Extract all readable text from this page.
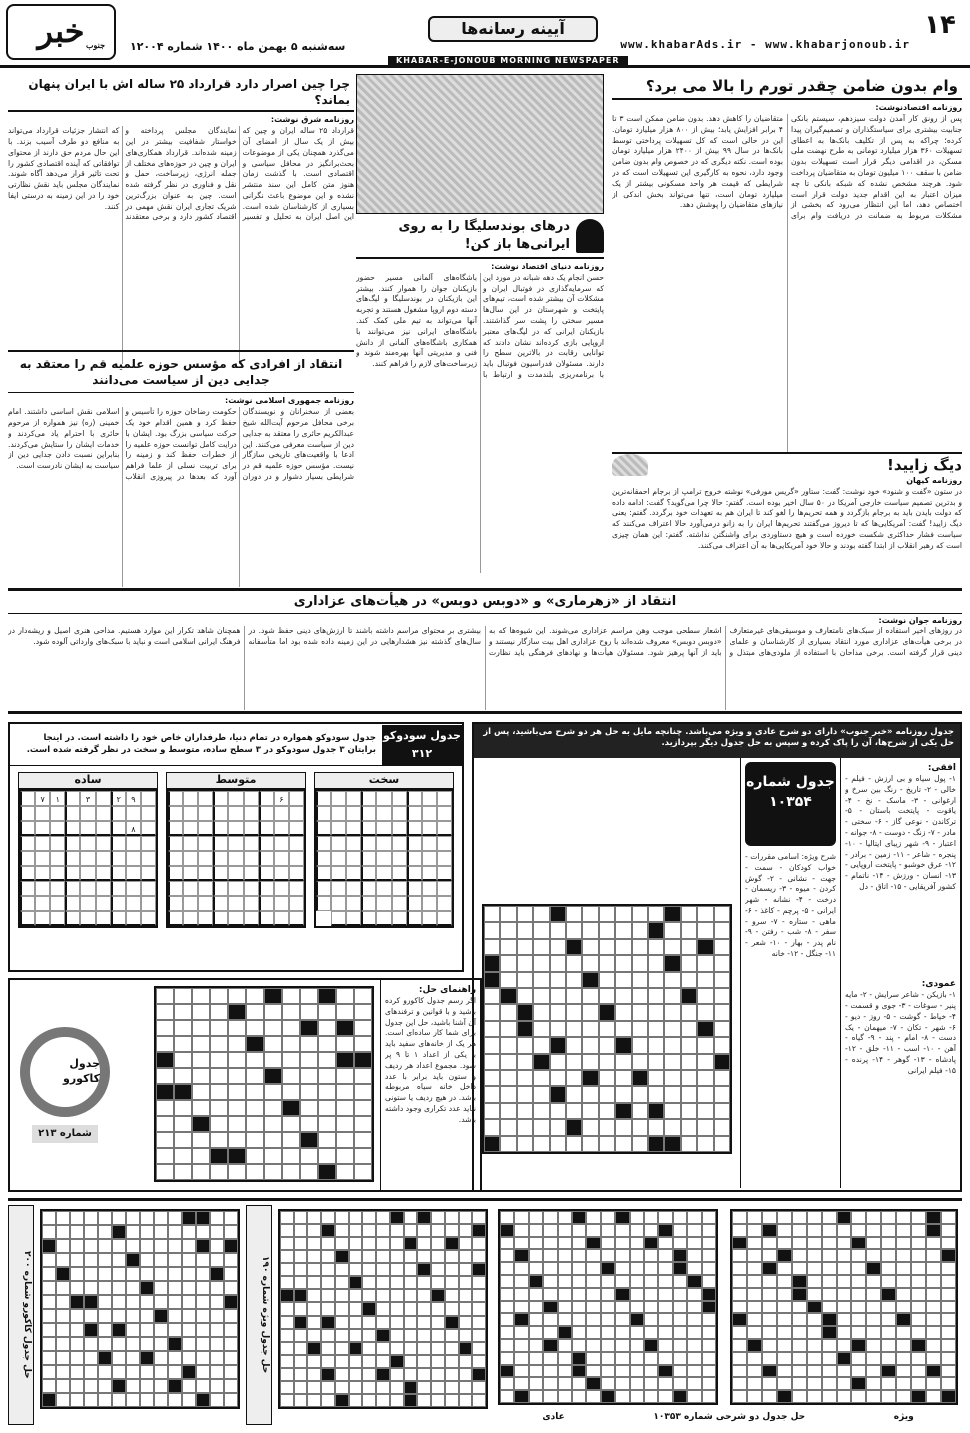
۱۴
www.khabarAds.ir - www.khabarjonoub.ir
آیینه رسانه‌ها
سه‌شنبه ۵ بهمن ماه ۱۴۰۰ شماره ۱۲۰۰۴
خبر جنوب
KHABAR-E-JONOUB MORNING NEWSPAPER
وام بدون ضامن چقدر تورم را بالا می برد؟
روزنامه اقتصادنوشت:
پس از رونق کار آمدن دولت سیزدهم، سیستم بانکی جنابیت بیشتری برای سیاستگذاران و تصمیم‌گیران پیدا کرده؛ چراکه به پس از تکلیف بانک‌ها به اعطای تسهیلات ۳۶۰ هزار میلیارد تومانی به طرح نهضت ملی مسکن، در اقدامی دیگر قرار است تسهیلات بدون ضامن با سقف ۱۰۰ میلیون تومان به متقاضیان پرداخت شود. هرچند مشخص نشده که شبکه بانکی تا چه میزان اعتبار به این اقدام جدید دولت قرار است اختصاص دهد، اما این انتظار می‌رود که بخشی از مشکلات مربوط به ضمانت در دریافت وام برای متقاضیان را کاهش دهد. بدون ضامن ممکن است ۳ تا ۴ برابر افزایش یابد؛ بیش از ۸۰۰ هزار میلیارد تومان. این در حالی است که کل تسهیلات پرداختی توسط بانک‌ها در سال ۹۹ بیش از ۲۴۰۰ هزار میلیارد تومان بوده است. نکته دیگری که در خصوص وام بدون ضامن وجود دارد، نحوه به کارگیری این تسهیلات است که در شرایطی که قیمت هر واحد مسکونی بیشتر از یک میلیارد تومان است، تنها می‌تواند بخش اندکی از نیازهای متقاضیان را پوشش دهد.
دیگ زایید!
روزنامه کیهان
در ستون «گفت و شنود» خود نوشت: گفت: ستاور «گریس مورفی» نوشته خروج ترامپ از برجام احمقانه‌ترین و بدترین تصمیم سیاست خارجی آمریکا در ۵۰ سال اخیر بوده است. گفتم: حالا چرا می‌گوید؟ گفت: ادامه داده که دولت بایدن باید به برجام بازگردد و همه تحریم‌ها را لغو کند تا ایران هم به تعهدات خود برگردد. گفتم: یعنی دیگ زایید! گفت: آمریکایی‌ها که تا دیروز می‌گفتند تحریم‌ها ایران را به زانو درمی‌آورد حالا اعتراف می‌کنند که سیاست فشار حداکثری شکست خورده است و هیچ دستاوردی برای واشنگتن نداشته. گفتم: این همان چیزی است که رهبر انقلاب از ابتدا گفته بودند و حالا خود آمریکایی‌ها به آن اعتراف می‌کنند.
درهای بوندسلیگا را به روی ایرانی‌ها باز کن!
روزنامه دنیای اقتصاد نوشت:
حسن انجام یک دهه شبانه در مورد این که سرمایه‌گذاری در فوتبال ایران و مشکلات آن بیشتر شده است، تیم‌های پایتخت و شهرستان در این سال‌ها مسیر سختی را پشت سر گذاشتند. بازیکنان ایرانی که در لیگ‌های معتبر اروپایی بازی کرده‌اند نشان دادند که توانایی رقابت در بالاترین سطح را دارند. مسئولان فدراسیون فوتبال باید با برنامه‌ریزی بلندمدت و ارتباط با باشگاه‌های آلمانی مسیر حضور بازیکنان جوان را هموار کنند. بیشتر این بازیکنان در بوندسلیگا و لیگ‌های دسته دوم اروپا مشغول هستند و تجربه آنها می‌تواند به تیم ملی کمک کند. باشگاه‌های ایرانی نیز می‌توانند با همکاری باشگاه‌های آلمانی از دانش فنی و مدیریتی آنها بهره‌مند شوند و زیرساخت‌های لازم را فراهم کنند.
چرا چین اصرار دارد قرارداد ۲۵ ساله اش با ایران پنهان بماند؟
روزنامه شرق نوشت:
قرارداد ۲۵ ساله ایران و چین که بیش از یک سال از امضای آن می‌گذرد همچنان یکی از موضوعات بحث‌برانگیز در محافل سیاسی و اقتصادی است. با گذشت زمان هنوز متن کامل این سند منتشر نشده و این موضوع باعث نگرانی بسیاری از کارشناسان شده است. این اصل ایران به تحلیل و تفسیر نمایندگان مجلس پرداخته و خواستار شفافیت بیشتر در این زمینه شده‌اند. قرارداد همکاری‌های ایران و چین در حوزه‌های مختلف از جمله انرژی، زیرساخت، حمل و نقل و فناوری در نظر گرفته شده است. چین به عنوان بزرگ‌ترین شریک تجاری ایران نقش مهمی در اقتصاد کشور دارد و برخی معتقدند که انتشار جزئیات قرارداد می‌تواند به منافع دو طرف آسیب بزند. با این حال مردم حق دارند از محتوای توافقاتی که آینده اقتصادی کشور را تحت تاثیر قرار می‌دهد آگاه شوند. نمایندگان مجلس باید نقش نظارتی خود را در این زمینه به درستی ایفا کنند.
انتقاد از افرادی که مؤسس حوزه علمیه قم را معتقد به جدایی دین از سیاست می‌دانند
روزنامه جمهوری اسلامی نوشت:
بعضی از سخنرانان و نویسندگان برخی محافل مرحوم آیت‌الله شیخ عبدالکریم حائری را معتقد به جدایی دین از سیاست معرفی می‌کنند. این ادعا با واقعیت‌های تاریخی سازگار نیست. مؤسس حوزه علمیه قم در شرایطی بسیار دشوار و در دوران حکومت رضاخان حوزه را تأسیس و حفظ کرد و همین اقدام خود یک حرکت سیاسی بزرگ بود. ایشان با درایت کامل توانست حوزه علمیه را از خطرات حفظ کند و زمینه را برای تربیت نسلی از علما فراهم آورد که بعدها در پیروزی انقلاب اسلامی نقش اساسی داشتند. امام خمینی (ره) نیز همواره از مرحوم حائری با احترام یاد می‌کردند و خدمات ایشان را ستایش می‌کردند. بنابراین نسبت دادن جدایی دین از سیاست به ایشان نادرست است.
انتقاد از «زهرماری» و «دوبس دوبس» در هیأت‌های عزاداری
روزنامه جوان نوشت:
در روزهای اخیر استفاده از سبک‌های نامتعارف و موسیقی‌های غیرمتعارف در برخی هیأت‌های عزاداری مورد انتقاد بسیاری از کارشناسان و علمای دینی قرار گرفته است. برخی مداحان با استفاده از ملودی‌های مبتذل و اشعار سطحی موجب وهن مراسم عزاداری می‌شوند. این شیوه‌ها که به «دوبس دوبس» معروف شده‌اند با روح عزاداری اهل بیت سازگار نیستند و باید از آنها پرهیز شود. مسئولان هیأت‌ها و نهادهای فرهنگی باید نظارت بیشتری بر محتوای مراسم داشته باشند تا ارزش‌های دینی حفظ شود. در سال‌های گذشته نیز هشدارهایی در این زمینه داده شده بود اما متأسفانه همچنان شاهد تکرار این موارد هستیم. مداحی هنری اصیل و ریشه‌دار در فرهنگ ایرانی اسلامی است و نباید با سبک‌های وارداتی آلوده شود.
جدول روزنامه «خبر جنوب» دارای دو شرح عادی و ویژه می‌باشد. چنانچه مایل به حل هر دو شرح می‌باشید، پس از حل یکی از شرح‌ها، آن را پاک کرده و سپس به حل جدول دیگر بپردازید.
افقی:
۱- پول سیاه و بی ارزش - فیلم - خالی - ۲- تاریخ - رنگ بین سرخ و ارغوانی - ۳- ماسک - نخ - ۴- یاقوت - پایتخت باستان - ۵- ترکاندن - نوعی گاز - ۶- سختی - مادر - ۷- زنگ - دوست - ۸- جوانه - اعتبار - ۹- شهر زیبای ایتالیا - ۱۰- پنجره - شاعر - ۱۱- زمین - برادر - ۱۲- عرق خوشبو - پایتخت اروپایی - ۱۳- انسان - ورزش - ۱۴- ناتمام - کشور آفریقایی - ۱۵- اتاق - دل
عمودی:
۱- بازیکن - شاعر سرایش - ۲- مایه پنیر - سوغات - ۳- جوی و قسمت - ۴- خیاط - گوشت - ۵- روز - دیو - ۶- شهر - تکان - ۷- میهمان - یک دست - ۸- امام - پند - ۹- گیاه - آهن - ۱۰- اسب - ۱۱- خلق - ۱۲- پادشاه - ۱۳- گوهر - ۱۴- پرنده - ۱۵- فیلم ایرانی
جدول شماره ۱۰۳۵۴
شرح ویژه: اسامی مقررات - خواب کودکان - سمت - جهت - نشانی - ۲- گوش کردن - میوه - ۳- ریسمان - درخت - ۴- نشانه - شهر ایرانی - ۵- پرچم - کاغذ - ۶- ماهی - ستاره - ۷- سرو - سفر - ۸- شب - رفتن - ۹- نام پدر - بهار - ۱۰- شعر - ۱۱- جنگل - ۱۲- خانه
جدول سودوکو ۳۱۲
جدول سودوکو همواره در تمام دنیا، طرفداران خاص خود را داشته است. در اینجا برایتان ۳ جدول سودوکو در ۳ سطح ساده، متوسط و سخت در نظر گرفته شده است.
سخت
متوسط
۶
ساده
۹
۲
۳
۱
۷
۸
راهنمای حل:
اگر رسم جدول کاکورو کرده باشید و با قوانین و ترفندهای آن آشنا باشید، حل این جدول برای شما کار ساده‌ای است. هر یک از خانه‌های سفید باید با یکی از اعداد ۱ تا ۹ پر شود. مجموع اعداد هر ردیف و ستون باید برابر با عدد داخل خانه سیاه مربوطه باشد. در هیچ ردیف یا ستونی نباید عدد تکراری وجود داشته باشد.
جدول کاکورو
شماره ۲۱۳
حل جدول کاکورو شماره ۲۰۰
حل جدول ویژه شماره ۱۹۰
ویژه
حل جدول دو شرحی شماره ۱۰۳۵۳
عادی
